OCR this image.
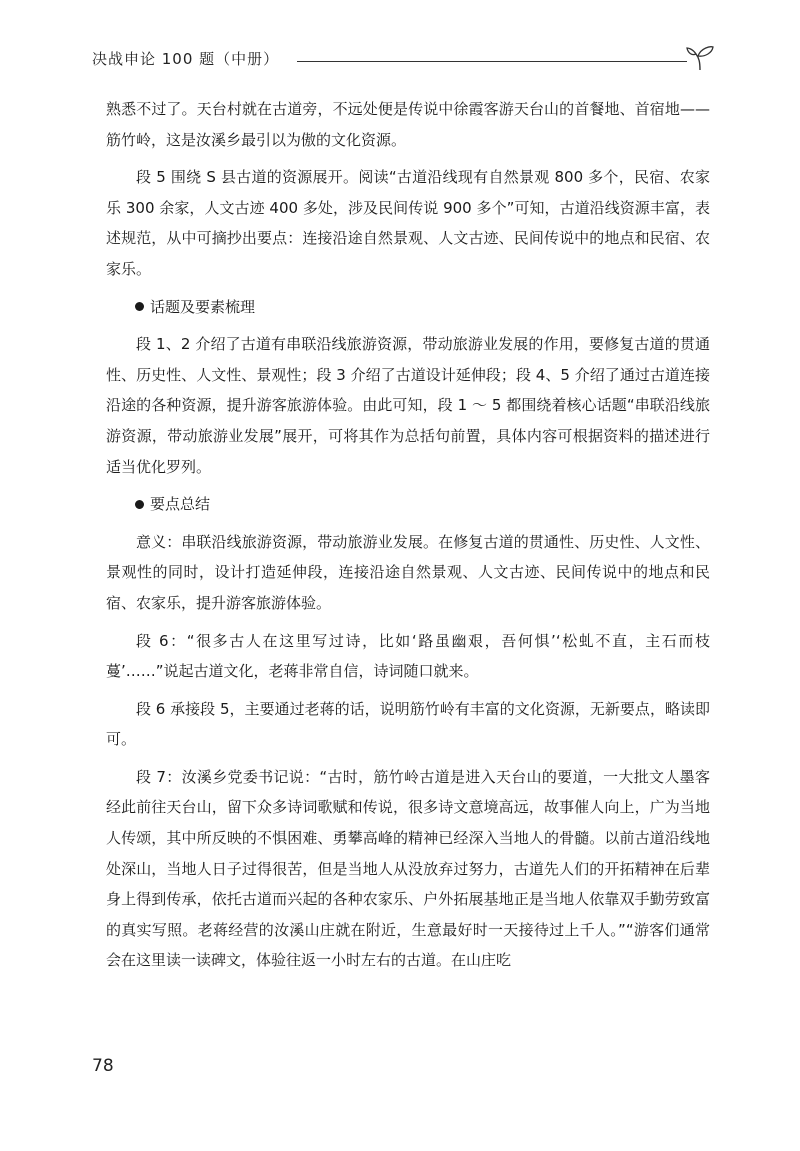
决战申论 100 题（中册）

熟悉不过了。天台村就在古道旁，不远处便是传说中徐霞客游天台山的首餐地、首宿地——筋竹岭，这是汝溪乡最引以为傲的文化资源。

段 5 围绕 S 县古道的资源展开。阅读“古道沿线现有自然景观 800 多个，民宿、农家乐 300 余家，人文古迹 400 多处，涉及民间传说 900 多个”可知，古道沿线资源丰富，表述规范，从中可摘抄出要点：连接沿途自然景观、人文古迹、民间传说中的地点和民宿、农家乐。

话题及要素梳理

段 1、2 介绍了古道有串联沿线旅游资源，带动旅游业发展的作用，要修复古道的贯通性、历史性、人文性、景观性；段 3 介绍了古道设计延伸段；段 4、5 介绍了通过古道连接沿途的各种资源，提升游客旅游体验。由此可知，段 1 ～ 5 都围绕着核心话题“串联沿线旅游资源，带动旅游业发展”展开，可将其作为总括句前置，具体内容可根据资料的描述进行适当优化罗列。

要点总结

意义：串联沿线旅游资源，带动旅游业发展。在修复古道的贯通性、历史性、人文性、景观性的同时，设计打造延伸段，连接沿途自然景观、人文古迹、民间传说中的地点和民宿、农家乐，提升游客旅游体验。

段 6：“很多古人在这里写过诗，比如‘路虽幽艰，吾何惧’‘松虬不直，主石而枝蔓’……”说起古道文化，老蒋非常自信，诗词随口就来。

段 6 承接段 5，主要通过老蒋的话，说明筋竹岭有丰富的文化资源，无新要点，略读即可。

段 7：汝溪乡党委书记说：“古时，筋竹岭古道是进入天台山的要道，一大批文人墨客经此前往天台山，留下众多诗词歌赋和传说，很多诗文意境高远，故事催人向上，广为当地人传颂，其中所反映的不惧困难、勇攀高峰的精神已经深入当地人的骨髓。以前古道沿线地处深山，当地人日子过得很苦，但是当地人从没放弃过努力，古道先人们的开拓精神在后辈身上得到传承，依托古道而兴起的各种农家乐、户外拓展基地正是当地人依靠双手勤劳致富的真实写照。老蒋经营的汝溪山庄就在附近，生意最好时一天接待过上千人。”“游客们通常会在这里读一读碑文，体验往返一小时左右的古道。在山庄吃

78
